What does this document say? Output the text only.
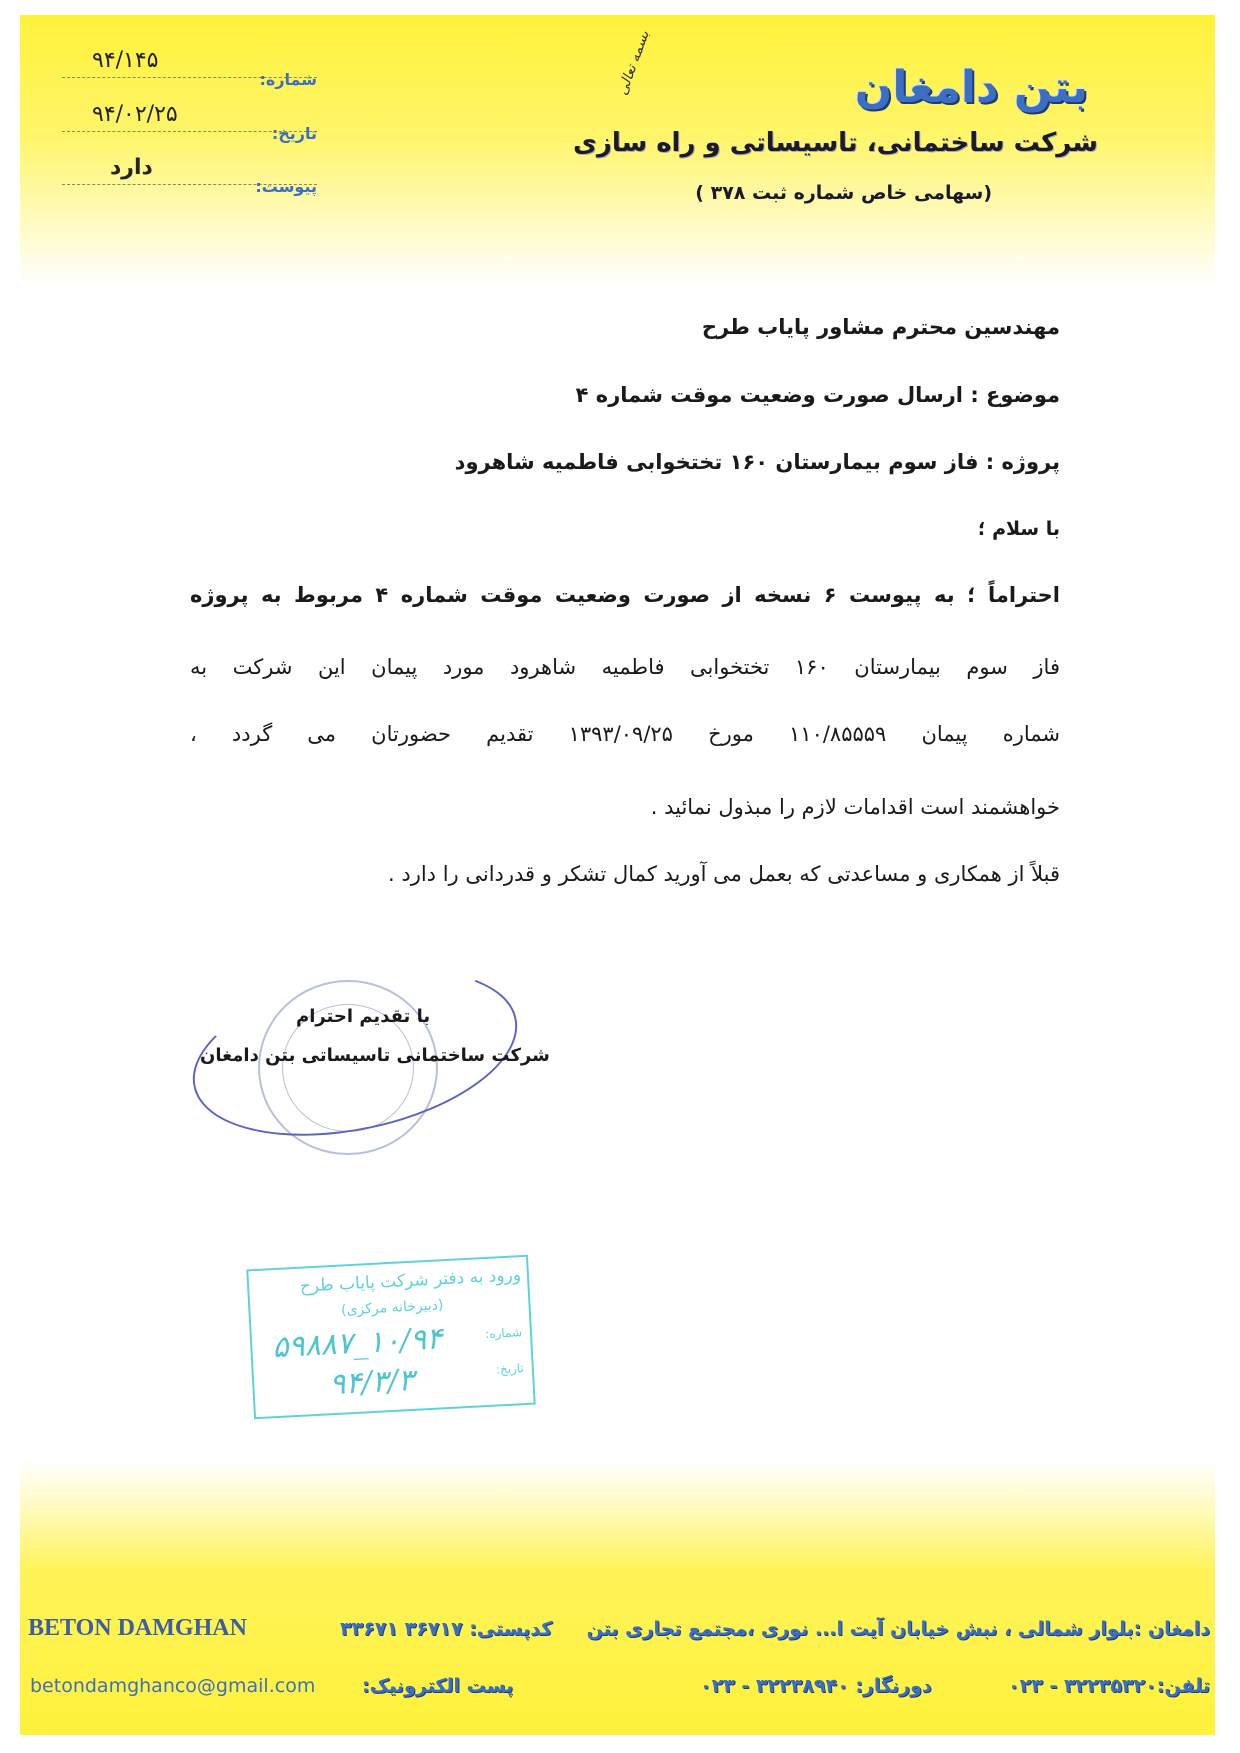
بتن دامغان
شرکت ساختمانی، تاسیساتی و راه سازی
(سهامی خاص شماره ثبت ۳۷۸ )
بسمه تعالی
۹۴/۱۴۵
شماره:
۹۴/۰۲/۲۵
تاریخ:
دارد
پیوست:
مهندسین محترم مشاور پایاب طرح
موضوع : ارسال صورت وضعیت موقت شماره ۴
پروژه : فاز سوم بیمارستان ۱۶۰ تختخوابی فاطمیه شاهرود
با سلام ؛
احتراماً ؛ به پیوست ۶ نسخه از صورت وضعیت موقت شماره ۴ مربوط به پروژه
فاز سوم بیمارستان ۱۶۰ تختخوابی فاطمیه شاهرود مورد پیمان این شرکت به
شماره پیمان ۱۱۰/۸۵۵۵۹ مورخ ۱۳۹۳/۰۹/۲۵ تقدیم حضورتان می گردد ،
خواهشمند است اقدامات لازم را مبذول نمائید .
قبلاً از همکاری و مساعدتی که بعمل می آورید کمال تشکر و قدردانی را دارد .
با تقدیم احترام
شرکت ساختمانی تاسیساتی بتن دامغان
ورود به دفتر شرکت پایاب طرح
(دبیرخانه مرکزی)
شماره:
۱۰/۹۴_۵۹۸۸۷
تاریخ:
۹۴/۳/۳
BETON DAMGHAN	کدپستی: ۳۶۷۱۷ ۳۳۶۷۱ دامغان :بلوار شمالی ، نبش خیابان آیت ا... نوری ،مجتمع تجاری بتن
betondamghanco@gmail.com پست الکترونیک:	دورنگار: ۳۲۲۳۸۹۴۰ - ۰۲۳	تلفن:۳۲۲۳۵۳۲۰ - ۰۲۳
